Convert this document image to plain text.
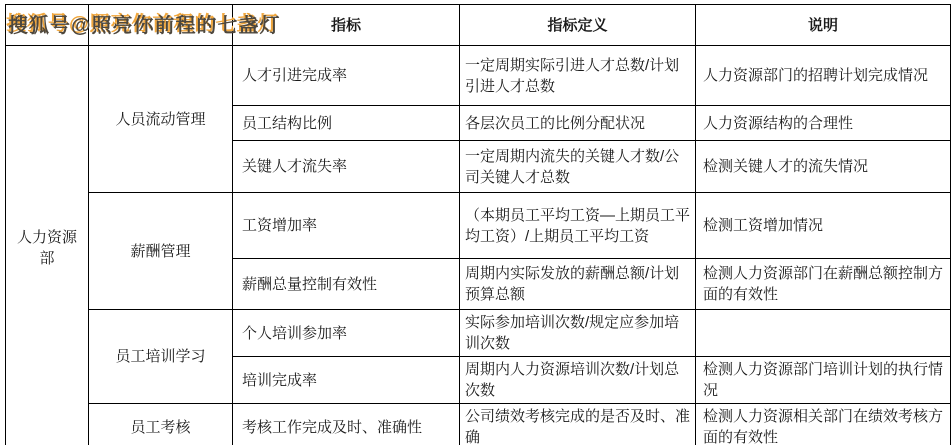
搜狐号@照亮你前程的七盏灯
			指标	指标定义	说明
人力资源部	人员流动管理	人才引进完成率	一定周期实际引进人才总数/计划引进人才总数	人力资源部门的招聘计划完成情况
		员工结构比例	各层次员工的比例分配状况	人力资源结构的合理性
		关键人才流失率	一定周期内流失的关键人才数/公司关键人才总数	检测关键人才的流失情况
	薪酬管理	工资增加率	（本期员工平均工资—上期员工平均工资）/上期员工平均工资	检测工资增加情况
		薪酬总量控制有效性	周期内实际发放的薪酬总额/计划预算总额	检测人力资源部门在薪酬总额控制方面的有效性
	员工培训学习	个人培训参加率	实际参加培训次数/规定应参加培训次数	
		培训完成率	周期内人力资源培训次数/计划总次数	检测人力资源部门培训计划的执行情况
	员工考核	考核工作完成及时、准确性	公司绩效考核完成的是否及时、准确	检测人力资源相关部门在绩效考核方面的有效性
